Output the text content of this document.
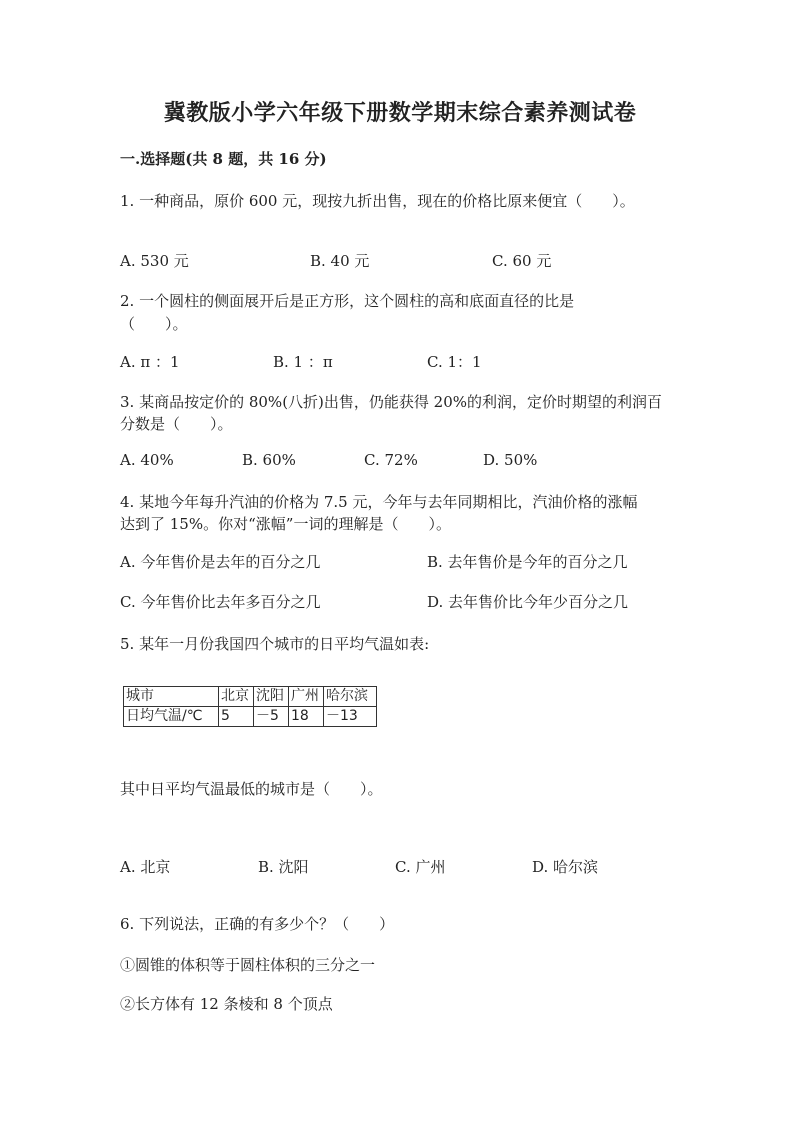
冀教版小学六年级下册数学期末综合素养测试卷
一.选择题(共 8 题，共 16 分)
1. 一种商品，原价 600 元，现按九折出售，现在的价格比原来便宜（　　）。
A. 530 元	B. 40 元	C. 60 元
2. 一个圆柱的侧面展开后是正方形，这个圆柱的高和底面直径的比是
（　　）。
A. π ：1	B. 1 ：π	C. 1：1
3. 某商品按定价的 80%(八折)出售，仍能获得 20%的利润，定价时期望的利润百
分数是（　　）。
A. 40%	B. 60%	C. 72%	D. 50%
4. 某地今年每升汽油的价格为 7.5 元，今年与去年同期相比，汽油价格的涨幅
达到了 15%。你对“涨幅”一词的理解是（　　）。
A. 今年售价是去年的百分之几	B. 去年售价是今年的百分之几
C. 今年售价比去年多百分之几	D. 去年售价比今年少百分之几
5. 某年一月份我国四个城市的日平均气温如表:
城市	北京	沈阳	广州	哈尔滨
日均气温/℃	5	－5	18	－13
其中日平均气温最低的城市是（　　）。
A. 北京	B. 沈阳	C. 广州	D. 哈尔滨
6. 下列说法，正确的有多少个？（　　）
①圆锥的体积等于圆柱体积的三分之一
②长方体有 12 条棱和 8 个顶点
